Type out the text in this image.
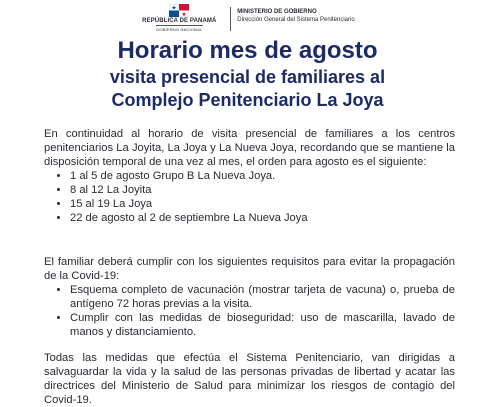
REPÚBLICA DE PANAMÁ
GOBIERNO NACIONAL
MINISTERIO DE GOBIERNO
Dirección General del Sistema Penitenciario
Horario mes de agosto
visita presencial de familiares al
Complejo Penitenciario La Joya

En continuidad al horario de visita presencial de familiares a los centros penitenciarios La Joyita, La Joya y La Nueva Joya, recordando que se mantiene la disposición temporal de una vez al mes, el orden para agosto es el siguiente:

• 1 al 5 de agosto Grupo B La Nueva Joya.
• 8 al 12 La Joyita
• 15 al 19 La Joya
• 22 de agosto al 2 de septiembre La Nueva Joya

El familiar deberá cumplir con los siguientes requisitos para evitar la propagación de la Covid-19:

• Esquema completo de vacunación (mostrar tarjeta de vacuna) o, prueba de antígeno 72 horas previas a la visita.
• Cumplir con las medidas de bioseguridad: uso de mascarilla, lavado de manos y distanciamiento.

Todas las medidas que efectúa el Sistema Penitenciario, van dirigidas a salvaguardar la vida y la salud de las personas privadas de libertad y acatar las directrices del Ministerio de Salud para minimizar los riesgos de contagio del Covid-19.
